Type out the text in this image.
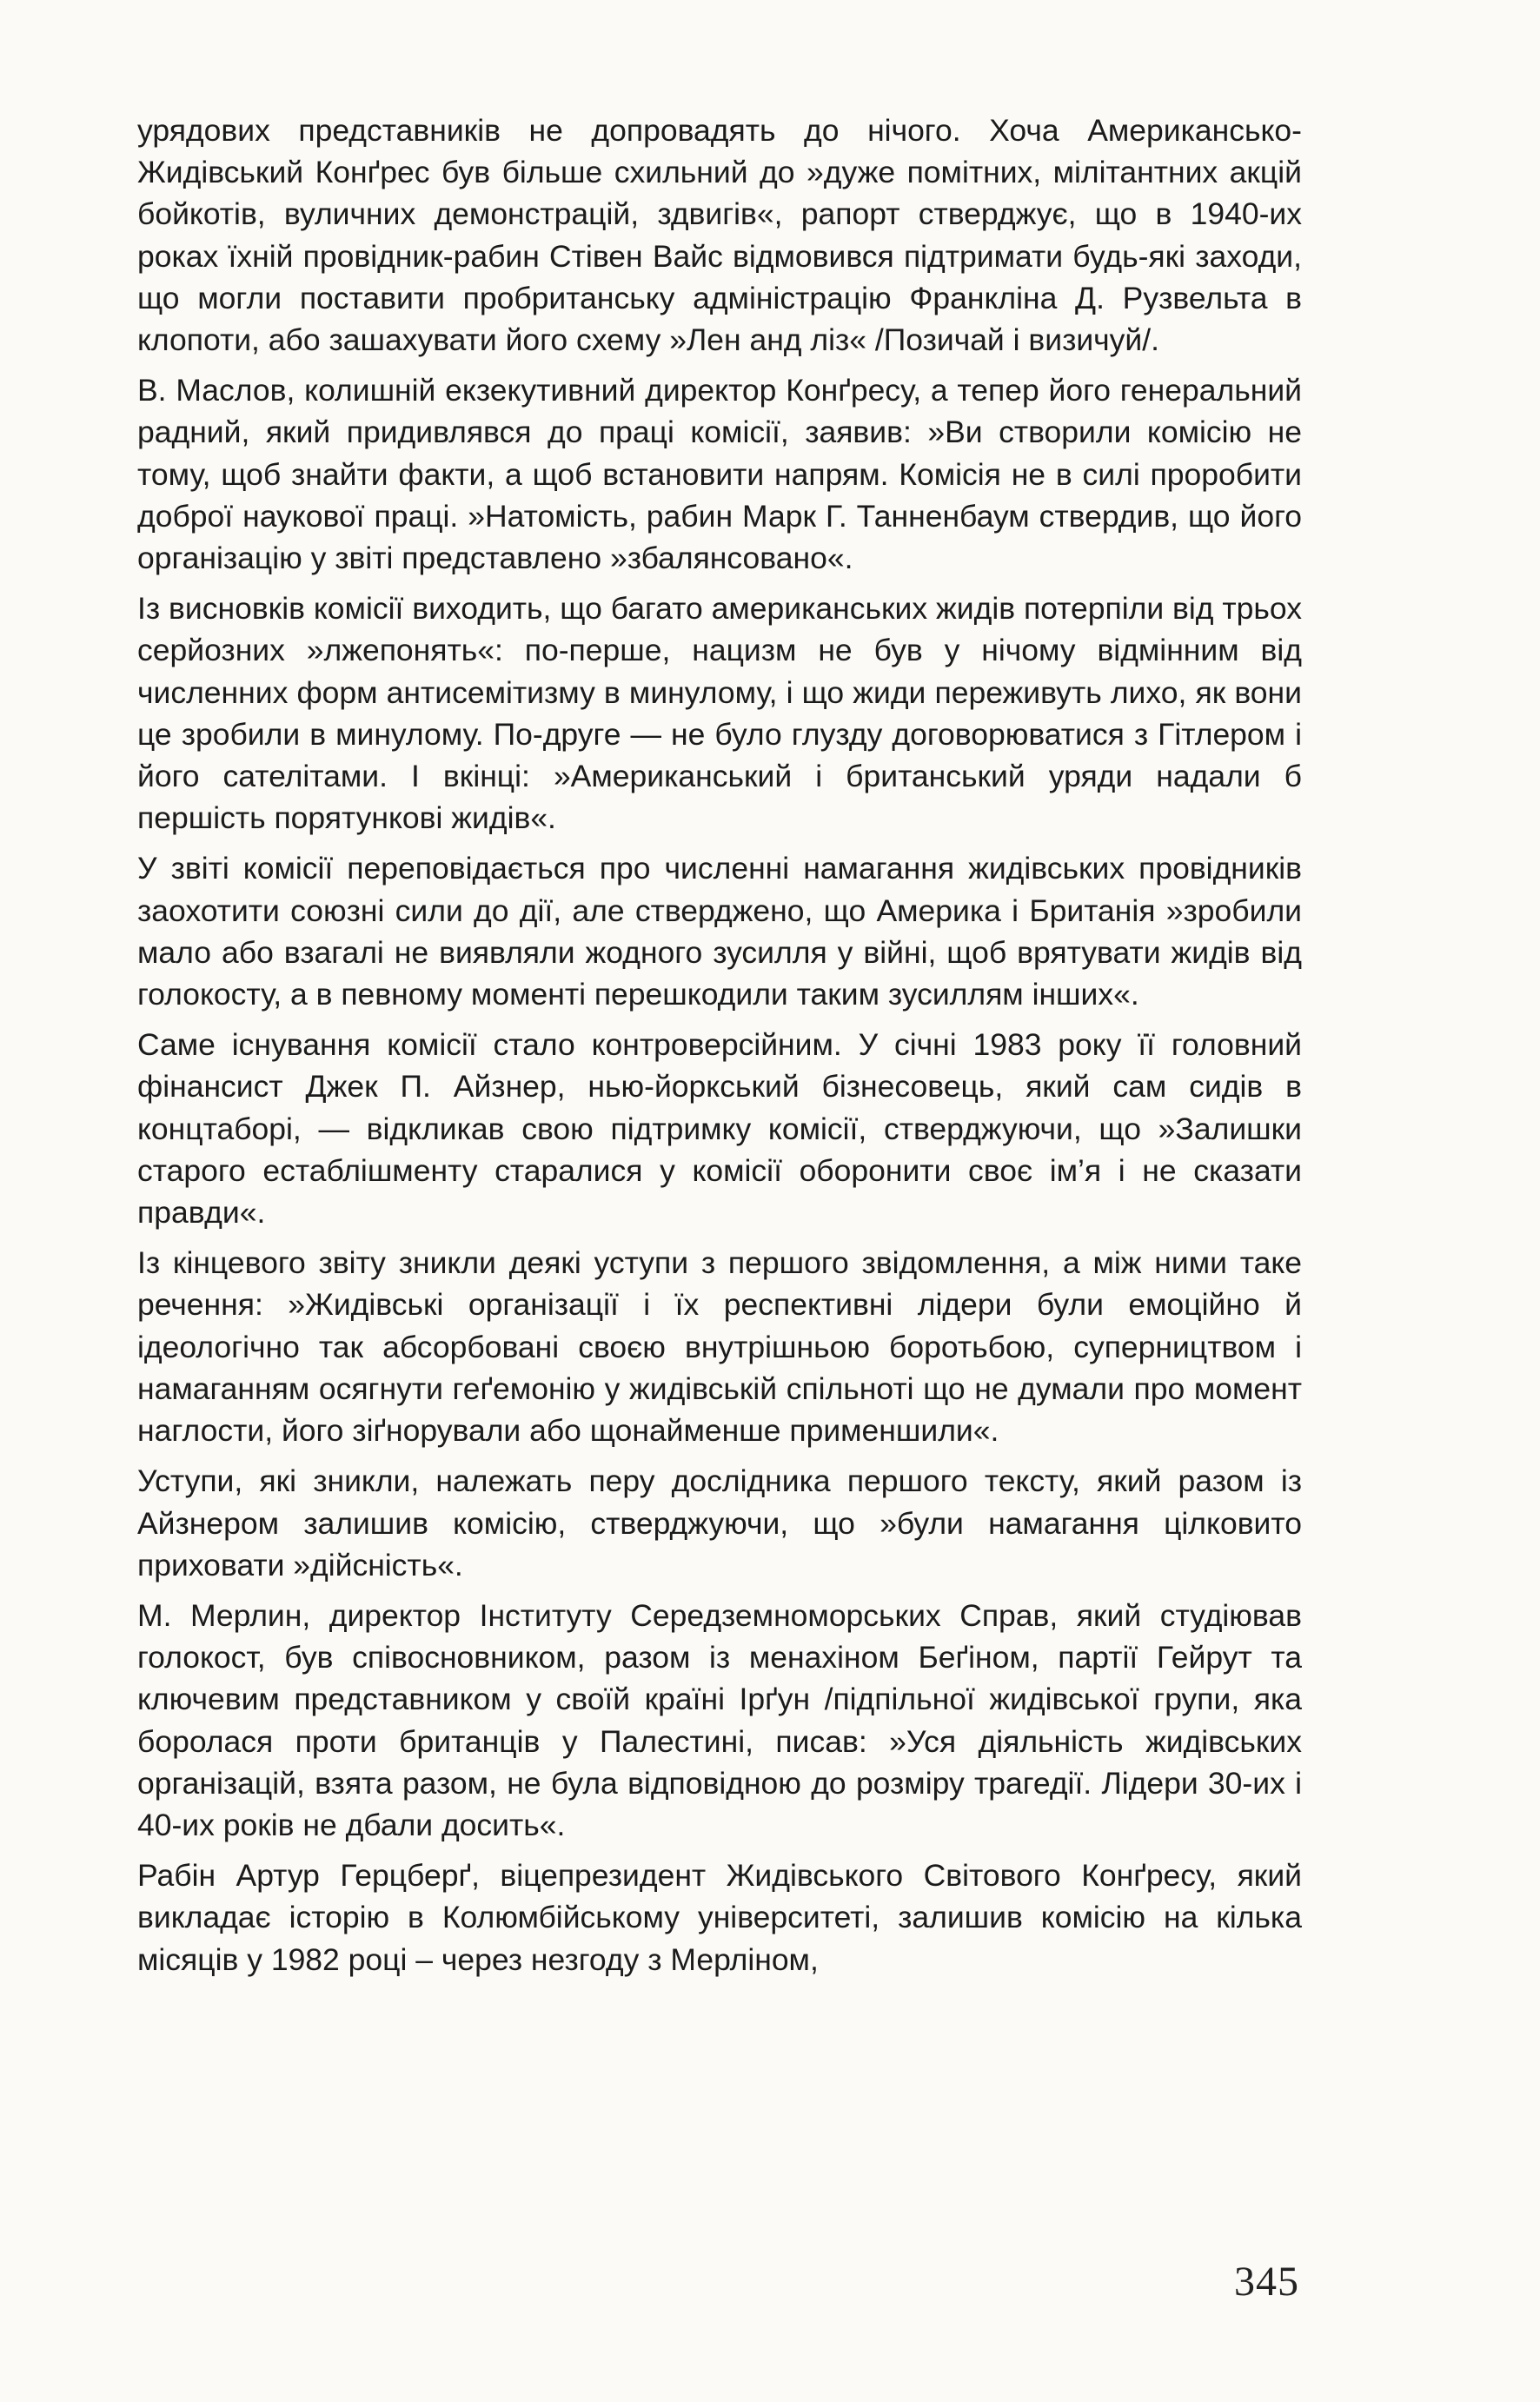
урядових представників не допровадять до нічого. Хоча Американсько-Жидівський Конґрес був більше схильний до »дуже помітних, мілітантних акцій бойкотів, вуличних демонстрацій, здвигів«, рапорт стверджує, що в 1940-их роках їхній провідник-рабин Стівен Вайс відмовився підтримати будь-які заходи, що могли поставити пробританську адміністрацію Франкліна Д. Рузвельта в клопоти, або зашахувати його схему »Лен анд ліз« /Позичай і визичуй/.

В. Маслов, колишній екзекутивний директор Конґресу, а тепер його генеральний радний, який придивлявся до праці комісії, заявив: »Ви створили комісію не тому, щоб знайти факти, а щоб встановити напрям. Комісія не в силі проробити доброї наукової праці. »Натомість, рабин Марк Г. Танненбаум ствердив, що його організацію у звіті представлено »збалянсовано«.

Із висновків комісії виходить, що багато американських жидів потерпіли від трьох серйозних »лжепонять«: по-перше, нацизм не був у нічому відмінним від численних форм антисемітизму в минулому, і що жиди переживуть лихо, як вони це зробили в минулому. По-друге — не було глузду договорюватися з Гітлером і його сателітами. І вкінці: »Американський і британський уряди надали б першість порятункові жидів«.

У звіті комісії переповідається про численні намагання жидівських провідників заохотити союзні сили до дії, але стверджено, що Америка і Британія »зробили мало або взагалі не виявляли жодного зусилля у війні, щоб врятувати жидів від голокосту, а в певному моменті перешкодили таким зусиллям інших«.

Саме існування комісії стало контроверсійним. У січні 1983 року її головний фінансист Джек П. Айзнер, нью-йоркський бізнесовець, який сам сидів в концтаборі, — відкликав свою підтримку комісії, стверджуючи, що »Залишки старого естаблішменту старалися у комісії оборонити своє ім’я і не сказати правди«.

Із кінцевого звіту зникли деякі уступи з першого звідомлення, а між ними таке речення: »Жидівські організації і їх респективні лідери були емоційно й ідеологічно так абсорбовані своєю внутрішньою боротьбою, суперництвом і намаганням осягнути геґемонію у жидівській спільноті що не думали про момент наглости, його зіґнорували або щонайменше применшили«.

Уступи, які зникли, належать перу дослідника першого тексту, який разом із Айзнером залишив комісію, стверджуючи, що »були намагання цілковито приховати »дійсність«.

М. Мерлин, директор Інституту Середземноморських Справ, який студіював голокост, був співосновником, разом із менахіном Беґіном, партії Гейрут та ключевим представником у своїй країні Ірґун /підпільної жидівської групи, яка боролася проти британців у Палестині, писав: »Уся діяльність жидівських організацій, взята разом, не була відповідною до розміру трагедії. Лідери 30-их і 40-их років не дбали досить«.

Рабін Артур Герцберґ, віцепрезидент Жидівського Світового Конґресу, який викладає історію в Колюмбійському університеті, залишив комісію на кілька місяців у 1982 році – через незгоду з Мерліном,

345
